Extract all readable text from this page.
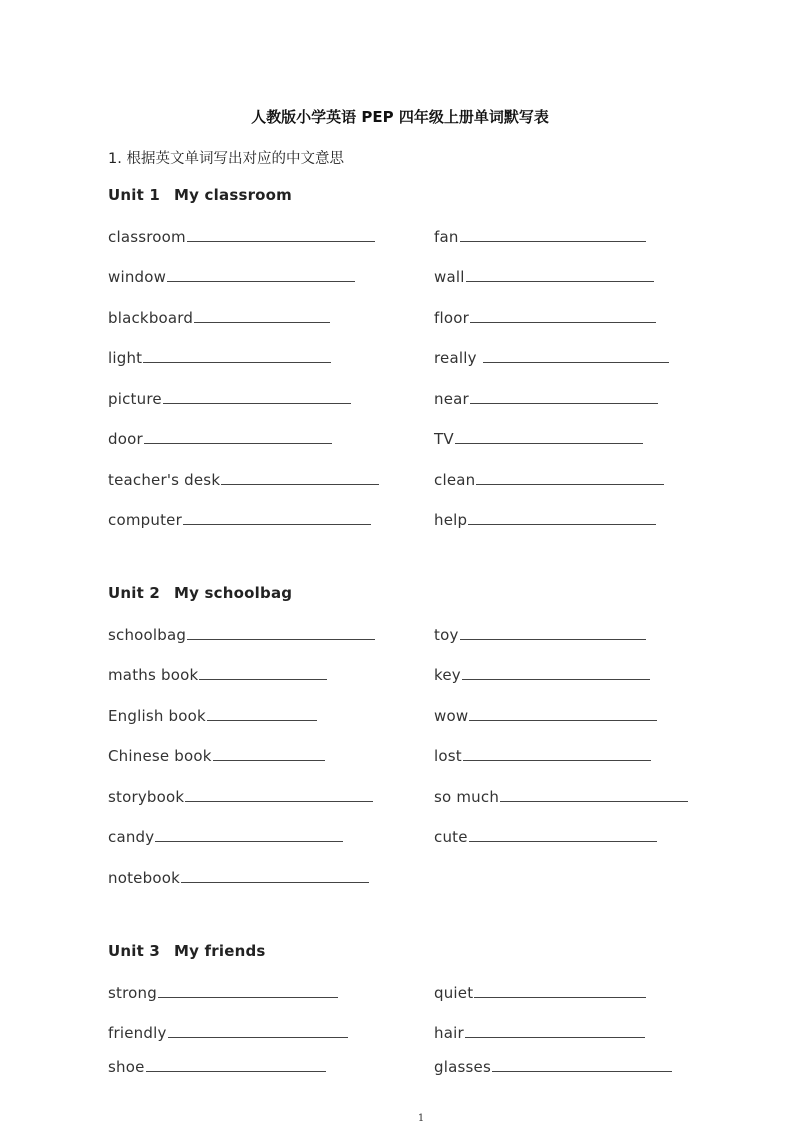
人教版小学英语 PEP 四年级上册单词默写表
1. 根据英文单词写出对应的中文意思
Unit 1 My classroom
classroom	fan
window	wall
blackboard	floor
light	really
picture	near
door	TV
teacher's desk	clean
computer	help
Unit 2 My schoolbag
schoolbag	toy
maths book	key
English book	wow
Chinese book	lost
storybook	so much
candy	cute
notebook
Unit 3 My friends
strong	quiet
friendly	hair
shoe	glasses
1
